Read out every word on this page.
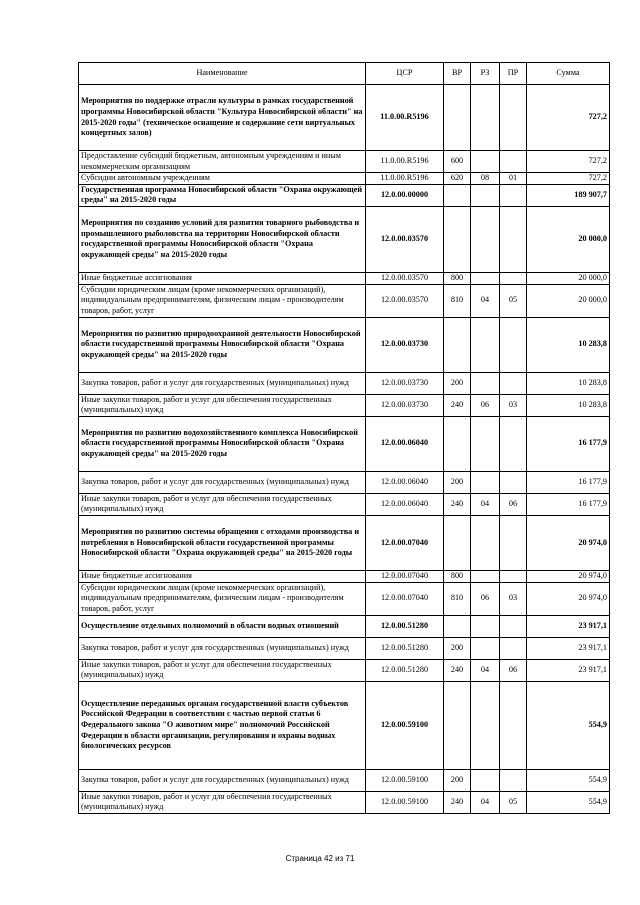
Наименование	ЦСР	ВР	РЗ	ПР	Сумма
Мероприятия по поддержке отрасли культуры в рамках государственной программы Новосибирской области "Культура Новосибирской области" на 2015-2020 годы" (техническое оснащение и содержание сети виртуальных концертных залов)	11.0.00.R5196				727,2
Предоставление субсидий бюджетным, автономным учреждениям и иным некоммерческим организациям	11.0.00.R5196	600			727,2
Субсидии автономным учреждениям	11.0.00.R5196	620	08	01	727,2
Государственная программа Новосибирской области "Охрана окружающей среды" на 2015-2020 годы	12.0.00.00000				189 907,7
Мероприятия по созданию условий для развития товарного рыбоводства и промышленного рыболовства на территории Новосибирской области государственной программы Новосибирской области "Охрана окружающей среды" на 2015-2020 годы	12.0.00.03570				20 000,0
Иные бюджетные ассигнования	12.0.00.03570	800			20 000,0
Субсидии юридическим лицам (кроме некоммерческих организаций), индивидуальным предпринимателям, физическим лицам - производителям товаров, работ, услуг	12.0.00.03570	810	04	05	20 000,0
Мероприятия по развитию природоохранной деятельности Новосибирской области государственной программы Новосибирской области "Охрана окружающей среды" на 2015-2020 годы	12.0.00.03730				10 283,8
Закупка товаров, работ и услуг для государственных (муниципальных) нужд	12.0.00.03730	200			10 283,8
Иные закупки товаров, работ и услуг для обеспечения государственных (муниципальных) нужд	12.0.00.03730	240	06	03	10 283,8
Мероприятия по развитию водохозяйственного комплекса Новосибирской области государственной программы Новосибирской области "Охрана окружающей среды" на 2015-2020 годы	12.0.00.06040				16 177,9
Закупка товаров, работ и услуг для государственных (муниципальных) нужд	12.0.00.06040	200			16 177,9
Иные закупки товаров, работ и услуг для обеспечения государственных (муниципальных) нужд	12.0.00.06040	240	04	06	16 177,9
Мероприятия по развитию системы обращения с отходами производства и потребления в Новосибирской области государственной программы Новосибирской области "Охрана окружающей среды" на 2015-2020 годы	12.0.00.07040				20 974,0
Иные бюджетные ассигнования	12.0.00.07040	800			20 974,0
Субсидии юридическим лицам (кроме некоммерческих организаций), индивидуальным предпринимателям, физическим лицам - производителям товаров, работ, услуг	12.0.00.07040	810	06	03	20 974,0
Осуществление отдельных полномочий в области водных отношений	12.0.00.51280				23 917,1
Закупка товаров, работ и услуг для государственных (муниципальных) нужд	12.0.00.51280	200			23 917,1
Иные закупки товаров, работ и услуг для обеспечения государственных (муниципальных) нужд	12.0.00.51280	240	04	06	23 917,1
Осуществление переданных органам государственной власти субъектов Российской Федерации в соответствии с частью первой статьи 6 Федерального закона "О животном мире" полномочий Российской Федерации в области организации, регулирования и охраны водных биологических ресурсов	12.0.00.59100				554,9
Закупка товаров, работ и услуг для государственных (муниципальных) нужд	12.0.00.59100	200			554,9
Иные закупки товаров, работ и услуг для обеспечения государственных (муниципальных) нужд	12.0.00.59100	240	04	05	554,9
Страница 42 из 71
